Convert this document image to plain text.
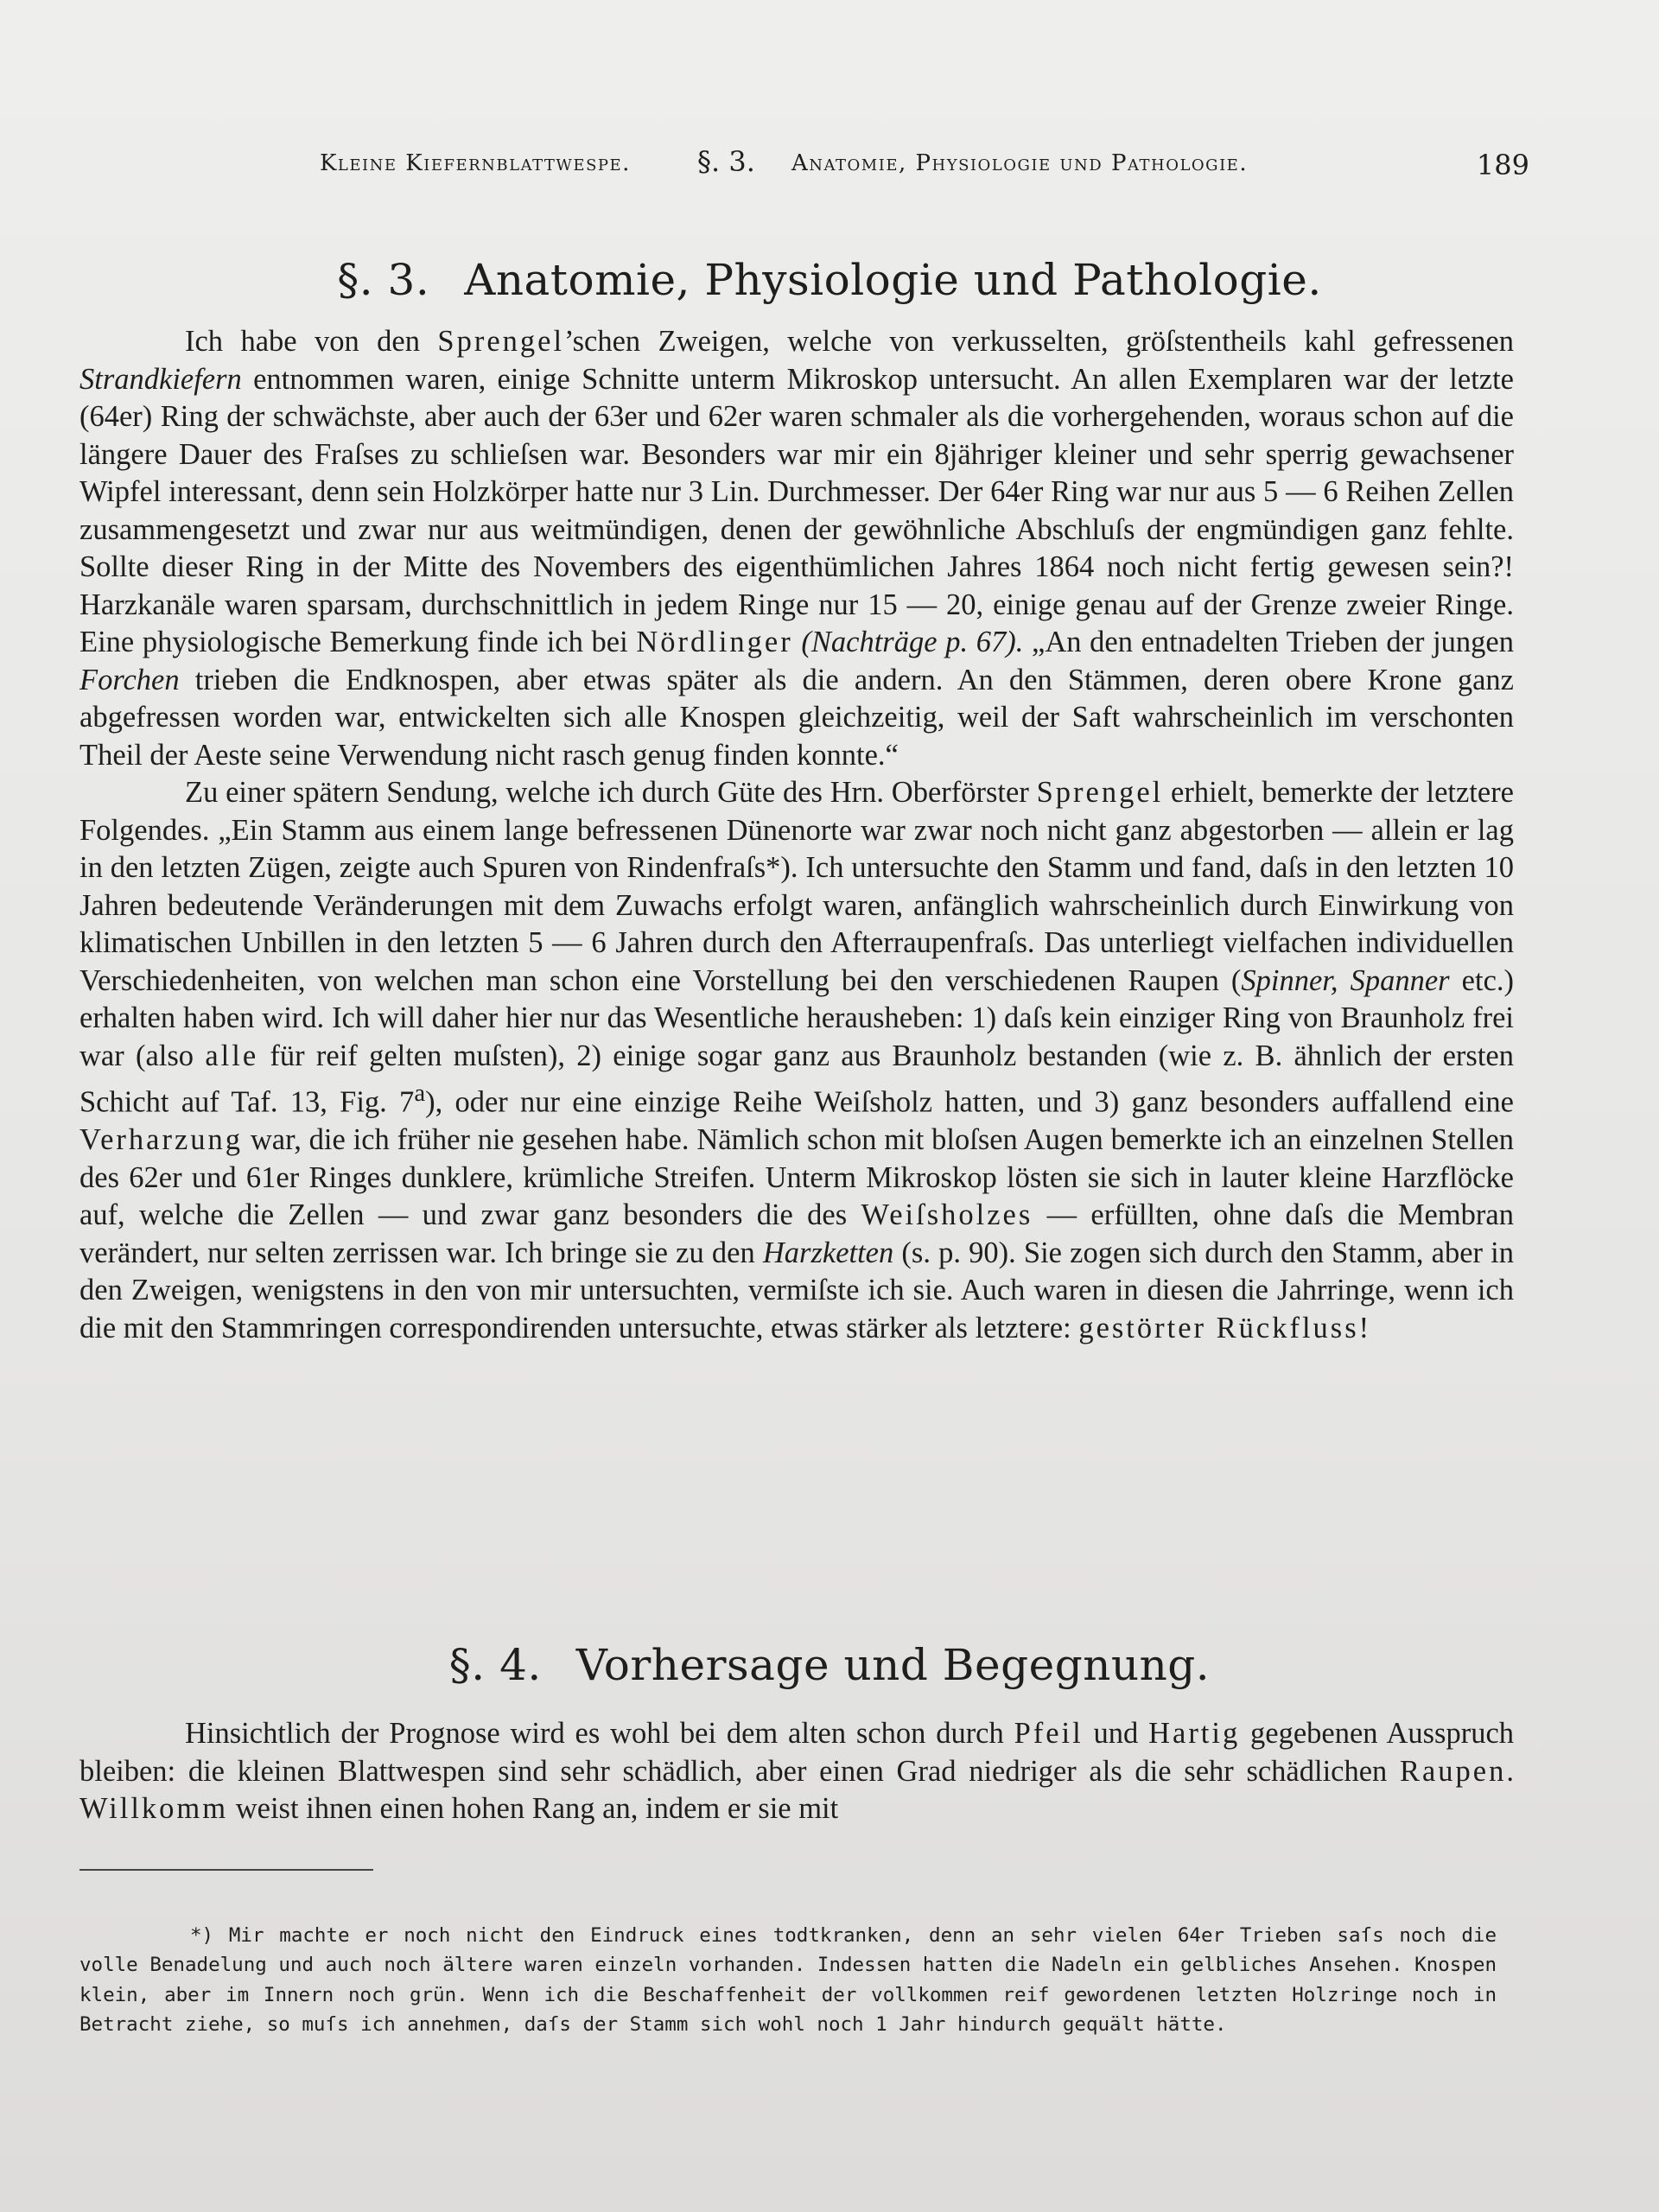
Kleine Kiefernblattwespe. §. 3. Anatomie, Physiologie und Pathologie.	189
§. 3. Anatomie, Physiologie und Pathologie.

Ich habe von den Sprengel’schen Zweigen, welche von verkusselten, gröſstentheils kahl gefressenen Strandkiefern entnommen waren, einige Schnitte unterm Mikroskop untersucht. An allen Exemplaren war der letzte (64er) Ring der schwächste, aber auch der 63er und 62er waren schmaler als die vorhergehenden, woraus schon auf die längere Dauer des Fraſses zu schlieſsen war. Besonders war mir ein 8jähriger kleiner und sehr sperrig gewachsener Wipfel interessant, denn sein Holzkörper hatte nur 3 Lin. Durchmesser. Der 64er Ring war nur aus 5 — 6 Reihen Zellen zusammengesetzt und zwar nur aus weitmündigen, denen der gewöhnliche Abschluſs der engmündigen ganz fehlte. Sollte dieser Ring in der Mitte des Novembers des eigenthümlichen Jahres 1864 noch nicht fertig gewesen sein?! Harzkanäle waren sparsam, durchschnittlich in jedem Ringe nur 15 — 20, einige genau auf der Grenze zweier Ringe. Eine physiologische Bemerkung finde ich bei Nördlinger (Nachträge p. 67). „An den entnadelten Trieben der jungen Forchen trieben die Endknospen, aber etwas später als die andern. An den Stämmen, deren obere Krone ganz abgefressen worden war, entwickelten sich alle Knospen gleichzeitig, weil der Saft wahrscheinlich im verschonten Theil der Aeste seine Verwendung nicht rasch genug finden konnte.“

Zu einer spätern Sendung, welche ich durch Güte des Hrn. Oberförster Sprengel erhielt, bemerkte der letztere Folgendes. „Ein Stamm aus einem lange befressenen Dünenorte war zwar noch nicht ganz abgestorben — allein er lag in den letzten Zügen, zeigte auch Spuren von Rindenfraſs*). Ich untersuchte den Stamm und fand, daſs in den letzten 10 Jahren bedeutende Veränderungen mit dem Zuwachs erfolgt waren, anfänglich wahrscheinlich durch Einwirkung von klimatischen Unbillen in den letzten 5 — 6 Jahren durch den Afterraupenfraſs. Das unterliegt vielfachen individuellen Verschiedenheiten, von welchen man schon eine Vorstellung bei den verschiedenen Raupen (Spinner, Spanner etc.) erhalten haben wird. Ich will daher hier nur das Wesentliche herausheben: 1) daſs kein einziger Ring von Braunholz frei war (also alle für reif gelten muſsten), 2) einige sogar ganz aus Braunholz bestanden (wie z. B. ähnlich der ersten Schicht auf Taf. 13, Fig. 7$^a$), oder nur eine einzige Reihe Weiſsholz hatten, und 3) ganz besonders auffallend eine Verharzung war, die ich früher nie gesehen habe. Nämlich schon mit bloſsen Augen bemerkte ich an einzelnen Stellen des 62er und 61er Ringes dunklere, krümliche Streifen. Unterm Mikroskop lösten sie sich in lauter kleine Harzflöcke auf, welche die Zellen — und zwar ganz besonders die des Weiſsholzes — erfüllten, ohne daſs die Membran verändert, nur selten zerrissen war. Ich bringe sie zu den Harzketten (s. p. 90). Sie zogen sich durch den Stamm, aber in den Zweigen, wenigstens in den von mir untersuchten, vermiſste ich sie. Auch waren in diesen die Jahrringe, wenn ich die mit den Stammringen correspondirenden untersuchte, etwas stärker als letztere: gestörter Rückfluss!

§. 4. Vorhersage und Begegnung.

Hinsichtlich der Prognose wird es wohl bei dem alten schon durch Pfeil und Hartig gegebenen Ausspruch bleiben: die kleinen Blattwespen sind sehr schädlich, aber einen Grad niedriger als die sehr schädlichen Raupen. Willkomm weist ihnen einen hohen Rang an, indem er sie mit

*) Mir machte er noch nicht den Eindruck eines todtkranken, denn an sehr vielen 64er Trieben saſs noch die volle Benadelung und auch noch ältere waren einzeln vorhanden. Indessen hatten die Nadeln ein gelbliches Ansehen. Knospen klein, aber im Innern noch grün. Wenn ich die Beschaffenheit der vollkommen reif gewordenen letzten Holzringe noch in Betracht ziehe, so muſs ich annehmen, daſs der Stamm sich wohl noch 1 Jahr hindurch gequält hätte.
